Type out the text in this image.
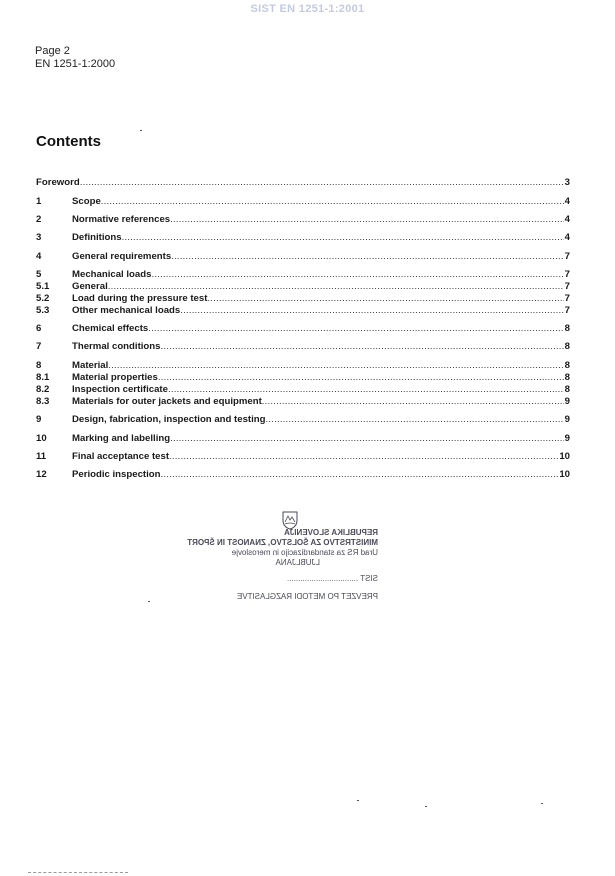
SIST EN 1251-1:2001
Page 2
EN 1251-1:2000
Contents
Foreword .....	3
1	Scope .....	4
2	Normative references .....	4
3	Definitions .....	4
4	General requirements .....	7
5	Mechanical loads .....	7
5.1	General .....	7
5.2	Load during the pressure test .....	7
5.3	Other mechanical loads .....	7
6	Chemical effects .....	8
7	Thermal conditions .....	8
8	Material .....	8
8.1	Material properties .....	8
8.2	Inspection certificate .....	8
8.3	Materials for outer jackets and equipment .....	9
9	Design, fabrication, inspection and testing .....	9
10	Marking and labelling .....	9
11	Final acceptance test .....	10
12	Periodic inspection .....	10
REPUBLIKA SLOVENIJA
MINISTRSTVO ZA ŠOLSTVO, ZNANOST IN ŠPORT
Urad RS za standardizacijo in meroslovje
LJUBLJANA
SIST ................................
PREVZET PO METODI RAZGLASITVE
